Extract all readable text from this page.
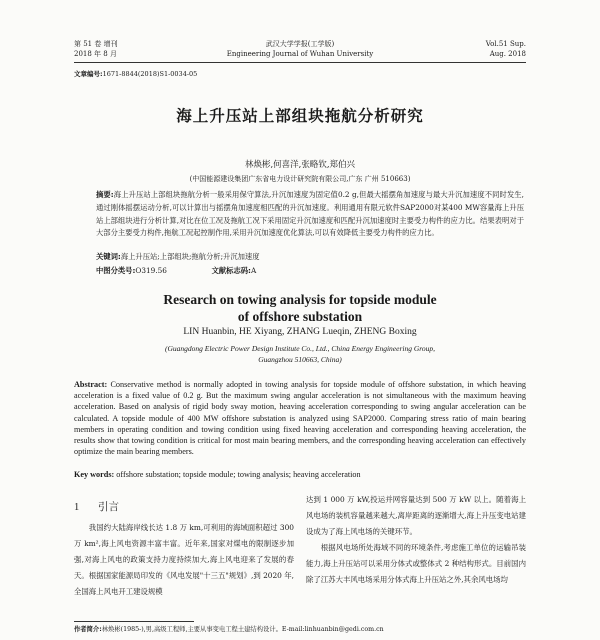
第 51 卷 增刊
2018 年 8 月
武汉大学学报(工学版)
Engineering Journal of Wuhan University
Vol.51 Sup.
Aug. 2018
文章编号:1671-8844(2018)S1-0034-05
海上升压站上部组块拖航分析研究
林焕彬,何喜洋,张略钦,郑伯兴
(中国能源建设集团广东省电力设计研究院有限公司,广东 广州 510663)
摘要:海上升压站上部组块拖航分析一般采用保守算法,升沉加速度为固定值0.2 g,但最大摇摆角加速度与最大升沉加速度不同时发生,通过刚体摇摆运动分析,可以计算出与摇摆角加速度相匹配的升沉加速度。利用通用有限元软件SAP2000对某400 MW容量海上升压站上部组块进行分析计算,对比在位工况及拖航工况下采用固定升沉加速度和匹配升沉加速度时主要受力构件的应力比。结果表明对于大部分主要受力构件,拖航工况起控制作用,采用升沉加速度优化算法,可以有效降低主要受力构件的应力比。
关键词:海上升压站;上部组块;拖航分析;升沉加速度
中图分类号:O319.56	文献标志码:A
Research on towing analysis for topside module
of offshore substation
LIN Huanbin, HE Xiyang, ZHANG Lueqin, ZHENG Boxing
(Guangdong Electric Power Design Institute Co., Ltd., China Energy Engineering Group,
Guangzhou 510663, China)
Abstract: Conservative method is normally adopted in towing analysis for topside module of offshore substation, in which heaving acceleration is a fixed value of 0.2 g. But the maximum swing angular acceleration is not simultaneous with the maximum heaving acceleration. Based on analysis of rigid body sway motion, heaving acceleration corresponding to swing angular acceleration can be calculated. A topside module of 400 MW offshore substation is analyzed using SAP2000. Comparing stress ratio of main bearing members in operating condition and towing condition using fixed heaving acceleration and corresponding heaving acceleration, the results show that towing condition is critical for most main bearing members, and the corresponding heaving acceleration can effectively optimize the main bearing members.
Key words: offshore substation; topside module; towing analysis; heaving acceleration
1 引言

我国约大陆海岸线长达 1.8 万 km,可利用的海域面积超过 300 万 km²,海上风电资源丰富丰富。近年来,国家对煤电的限制逐步加强,对海上风电的政策支持力度持续加大,海上风电迎来了发展的春天。根据国家能源局印发的《风电发展"十三五"规划》,到 2020 年,全国海上风电开工建设规模

达到 1 000 万 kW,投运并网容量达到 500 万 kW 以上。随着海上风电场的装机容量越来越大,离岸距离的逐渐增大,海上升压变电站建设成为了海上风电场的关键环节。

根据风电场所处海域不同的环境条件,考虑施工单位的运输吊装能力,海上升压站可以采用分体式或整体式 2 种结构形式。目前国内除了江苏大丰风电场采用分体式海上升压站之外,其余风电场均

作者简介:林焕彬(1985-),男,高级工程师,主要从事变电工程土建结构设计。E-mail:linhuanbin@gedi.com.cn
